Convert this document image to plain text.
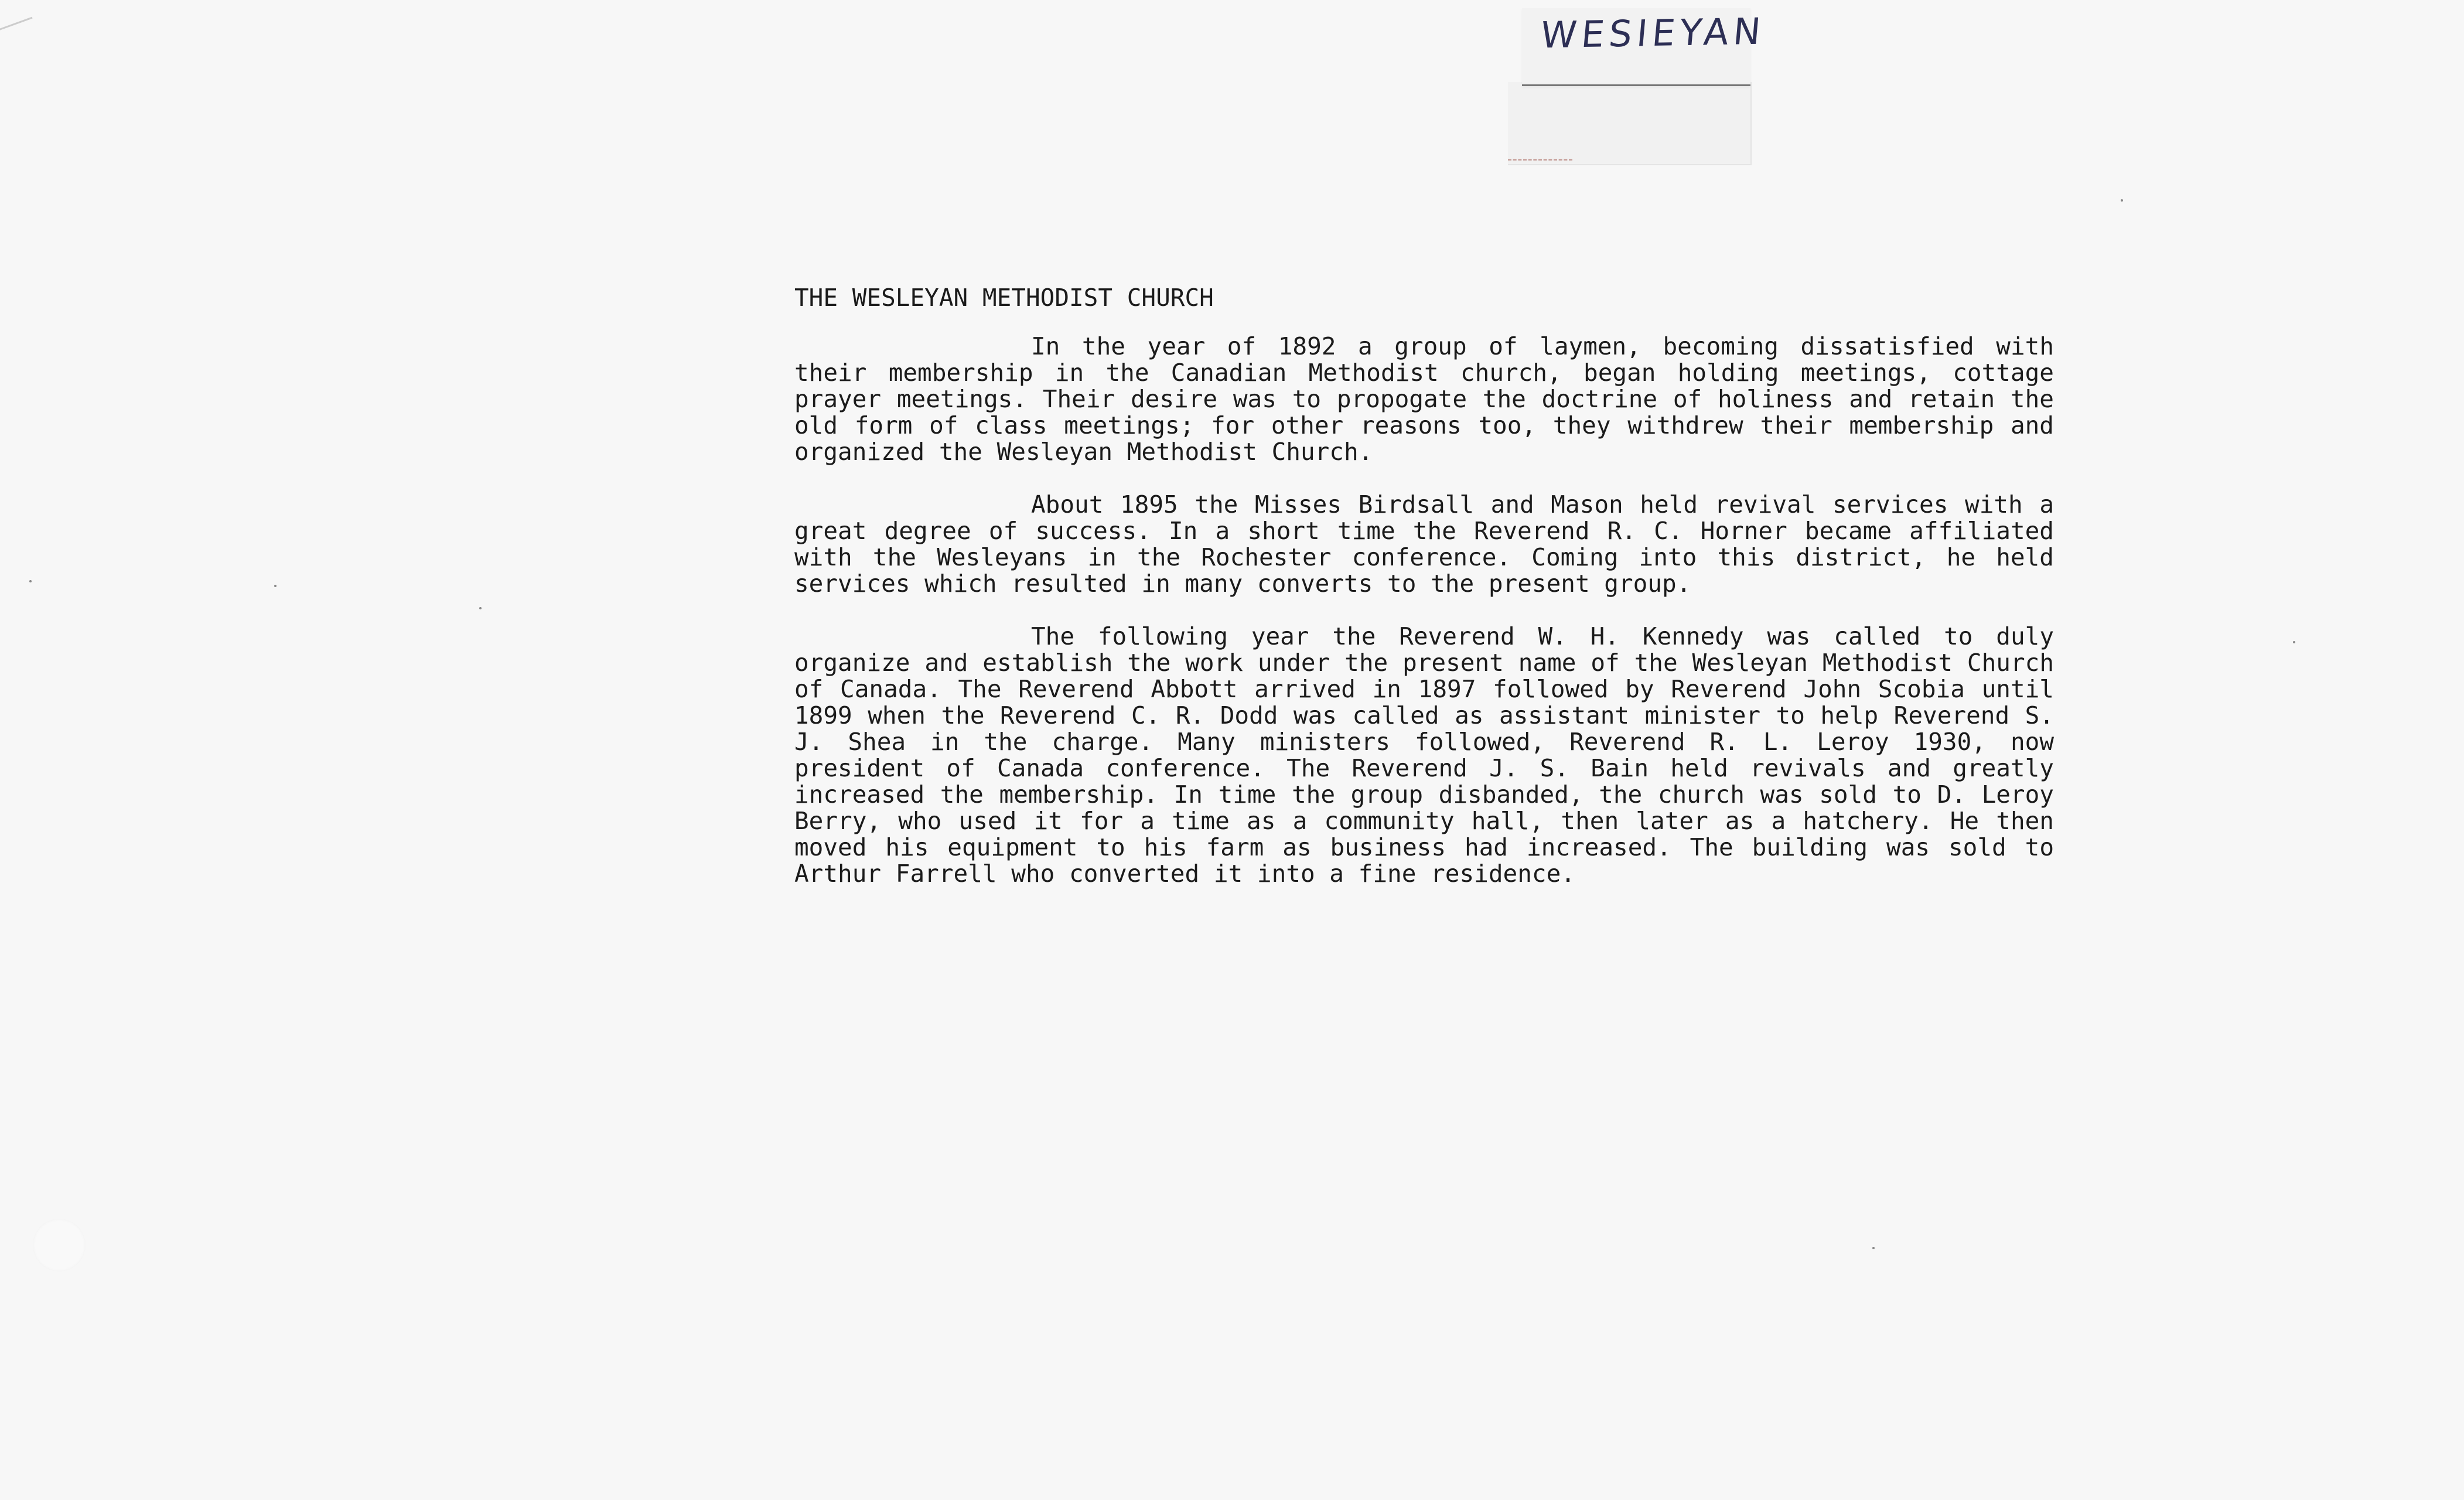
WESIEYAN
THE WESLEYAN METHODIST CHURCH

In the year of 1892 a group of laymen, becoming dissatisfied with their membership in the Canadian Methodist church, began holding meetings, cottage prayer meetings. Their desire was to propogate the doctrine of holiness and retain the old form of class meetings; for other reasons too, they withdrew their membership and organized the Wesleyan Methodist Church.

About 1895 the Misses Birdsall and Mason held revival services with a great degree of success. In a short time the Reverend R. C. Horner became affiliated with the Wesleyans in the Rochester conference. Coming into this district, he held services which resulted in many converts to the present group.

The following year the Reverend W. H. Kennedy was called to duly organize and establish the work under the present name of the Wesleyan Methodist Church of Canada. The Reverend Abbott arrived in 1897 followed by Reverend John Scobia until 1899 when the Reverend C. R. Dodd was called as assistant minister to help Reverend S. J. Shea in the charge. Many ministers followed, Reverend R. L. Leroy 1930, now president of Canada conference. The Reverend J. S. Bain held revivals and greatly increased the membership. In time the group disbanded, the church was sold to D. Leroy Berry, who used it for a time as a community hall, then later as a hatchery. He then moved his equipment to his farm as business had increased. The building was sold to Arthur Farrell who converted it into a fine residence.
